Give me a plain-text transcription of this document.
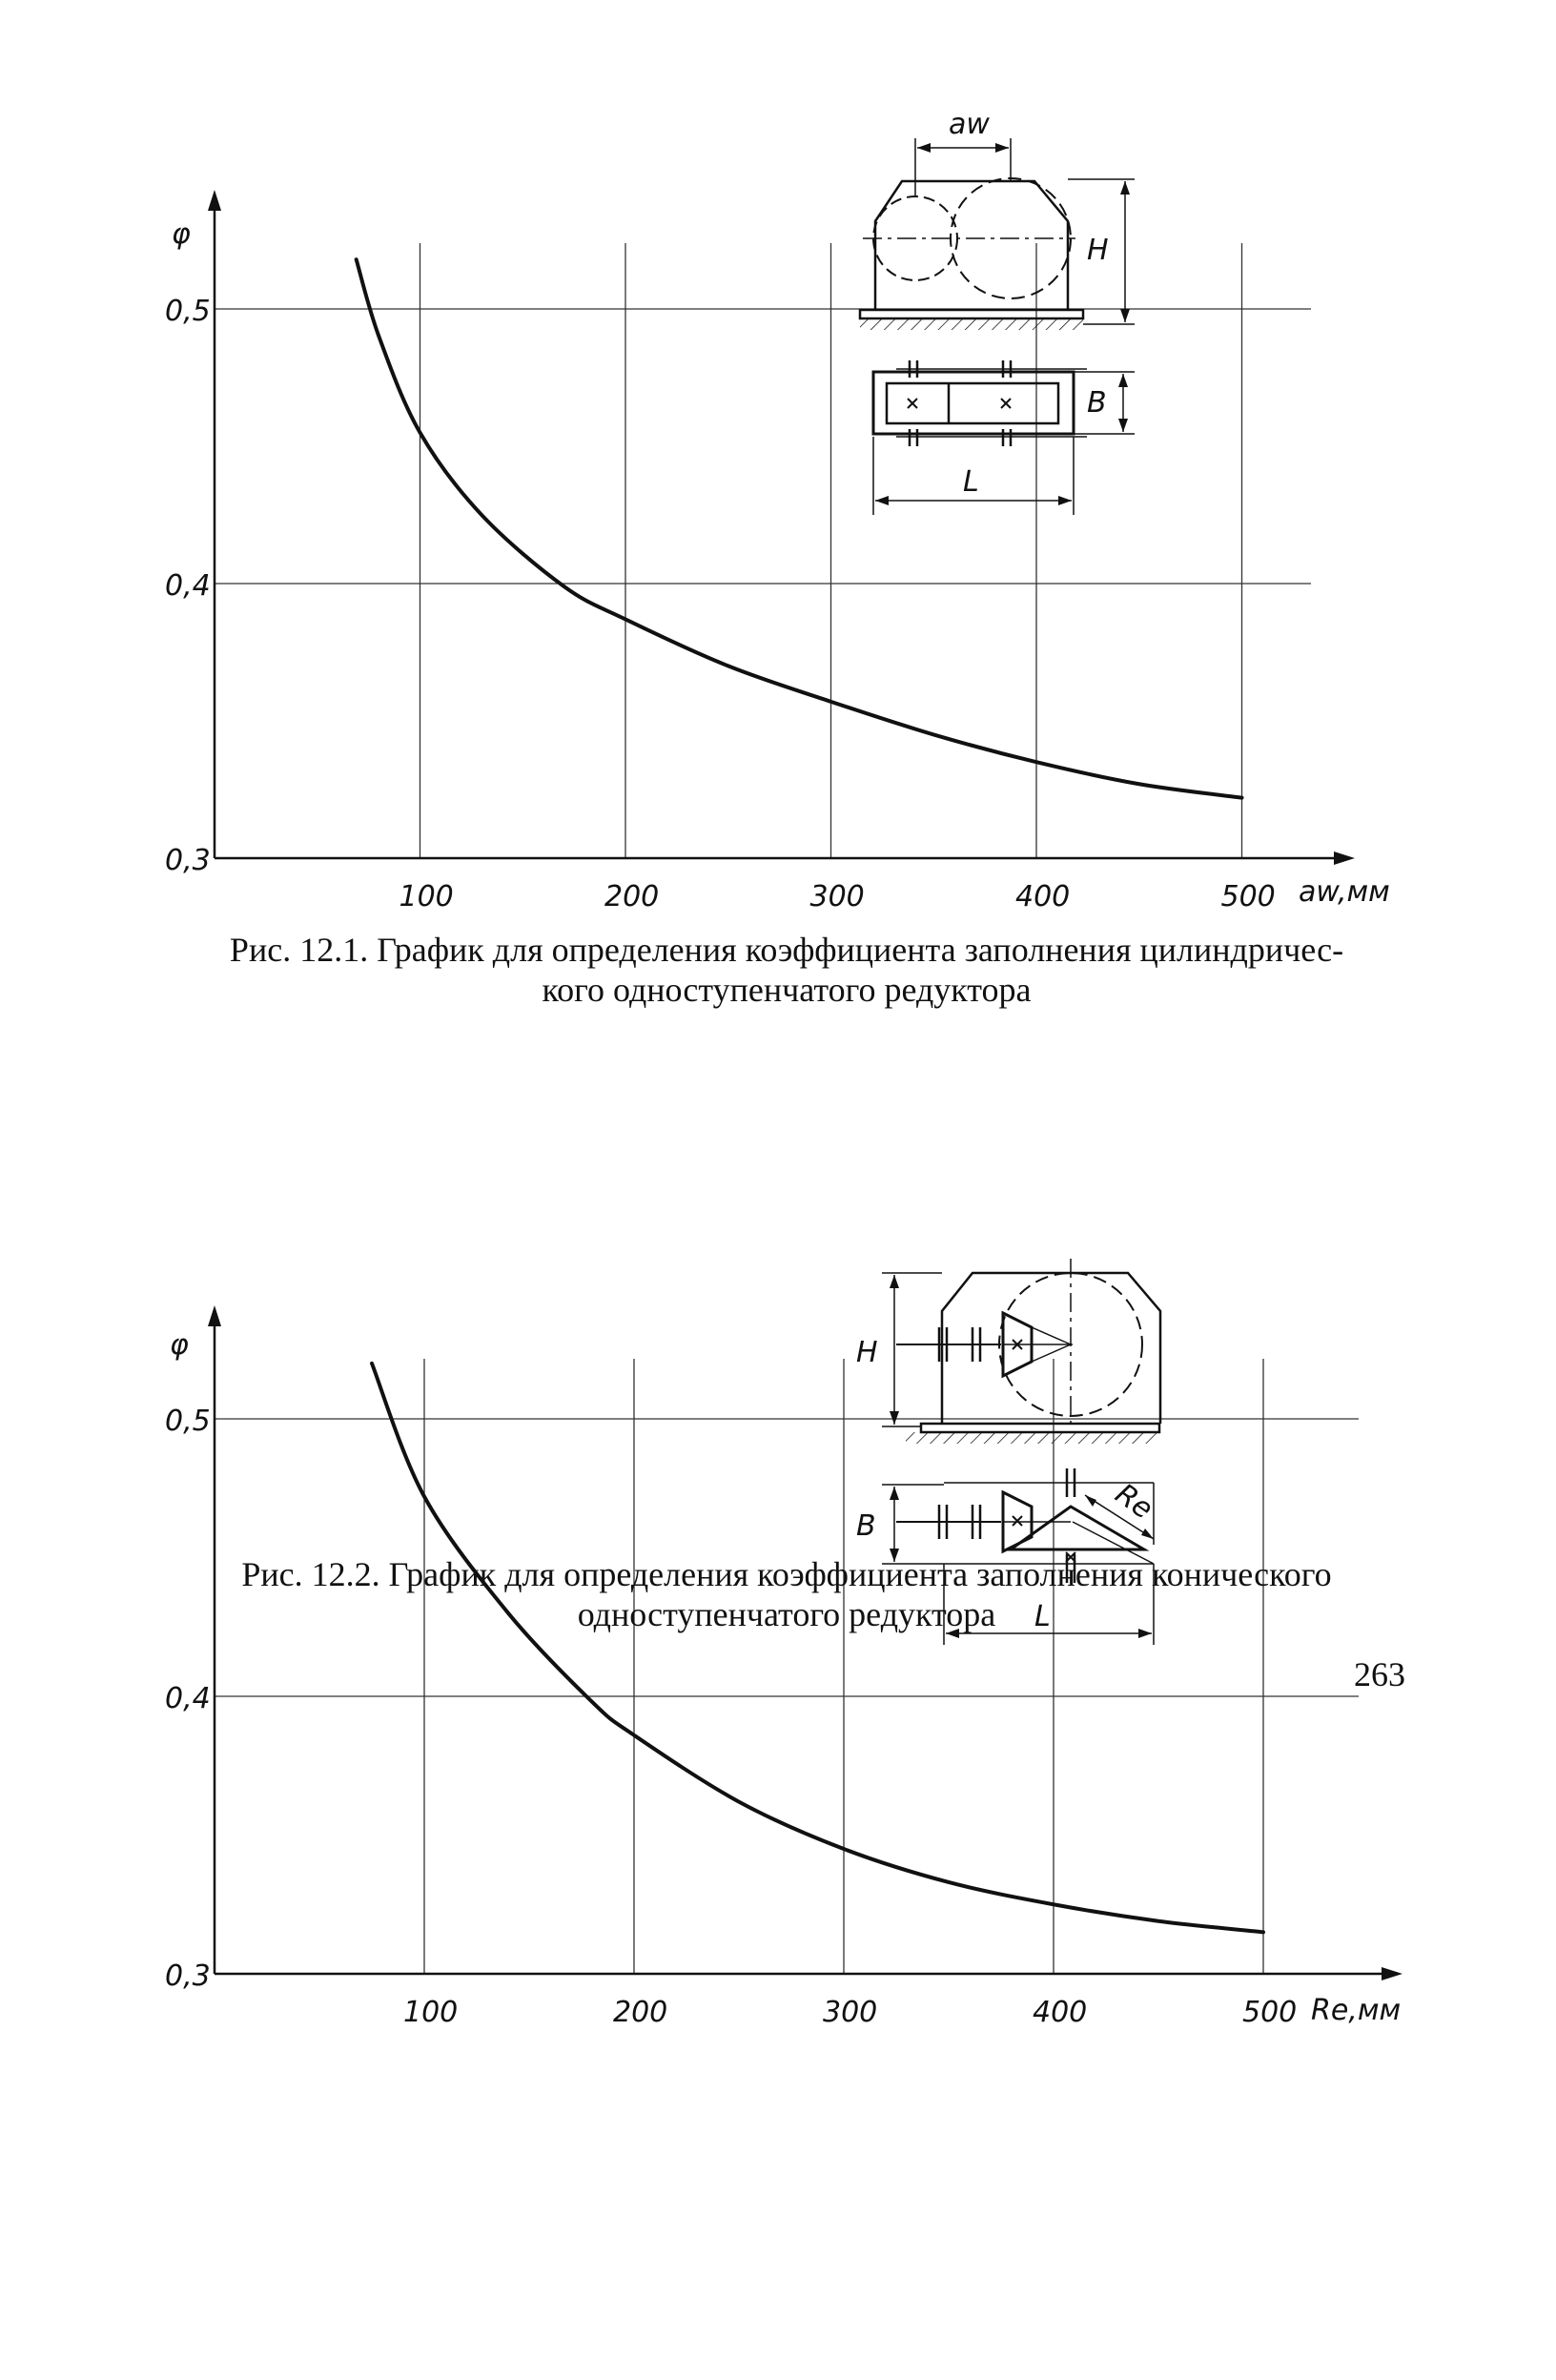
100	200	300	400	500
0,3
0,4
0,5
aw,мм
φ
aw
H
B
L
100	200	300	400	500
0,3
0,4
0,5
Re,мм
φ	H
B
L
Re
Рис. 12.1. График для определения коэффициента заполнения цилиндричес-
кого одноступенчатого редуктора
Рис. 12.2. График для определения коэффициента заполнения конического
одноступенчатого редуктора
263
